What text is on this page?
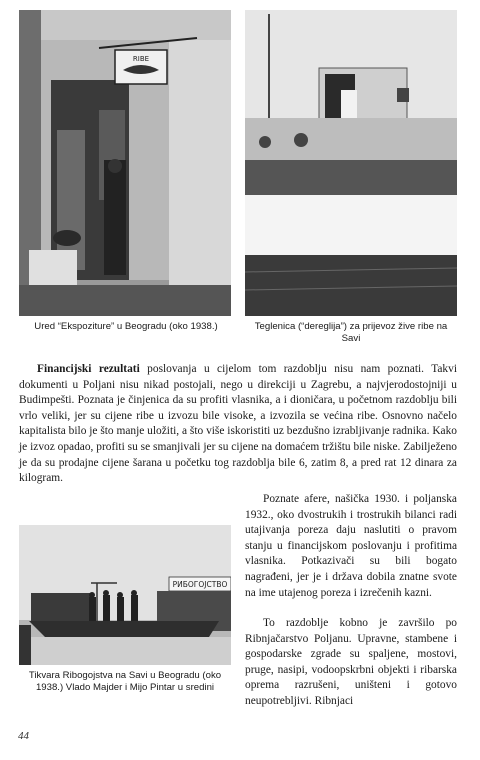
RIBE
Ured “Ekspoziture” u Beogradu (oko 1938.)	Teglenica (“dereglija”) za prijevoz žive ribe na Savi

Financijski rezultati poslovanja u cijelom tom razdoblju nisu nam poznati. Takvi dokumenti u Poljani nisu nikad postojali, nego u direkciji u Zagrebu, a najvjerodostojniji u Budimpešti. Poznata je činjenica da su profiti vlasnika, a i dioničara, u početnom razdoblju bili vrlo veliki, jer su cijene ribe u izvozu bile visoke, a izvozila se većina ribe. Osnovno načelo kapitalista bilo je što manje uložiti, a što više iskoristiti uz bezdušno izrabljivanje radnika. Kako je izvoz opadao, profiti su se smanjivali jer su cijene na domaćem tržištu bile niske. Zabilježeno je da su prodajne cijene šarana u početku tog razdoblja bile 6, zatim 8, a pred rat 12 dinara za kilogram.

РИБОГОЈСТВО
Tikvara Ribogojstva na Savi u Beogradu (oko 1938.) Vlado Majder i Mijo Pintar u sredini

Poznate afere, našička 1930. i poljanska 1932., oko dvostrukih i trostrukih bilanci radi utajivanja poreza daju naslutiti o pravom stanju u financijskom poslovanju i profitima vlasnika. Potkazivači su bili bogato nagrađeni, jer je i država dobila znatne svote na ime utajenog poreza i izrečenih kazni.

To razdoblje kobno je završilo po Ribnjačarstvo Poljanu. Upravne, stambene i gospodarske zgrade su spaljene, mostovi, pruge, nasipi, vodoopskrbni objekti i ribarska oprema razrušeni, uništeni i gotovo neupotrebljivi. Ribnjaci

44
